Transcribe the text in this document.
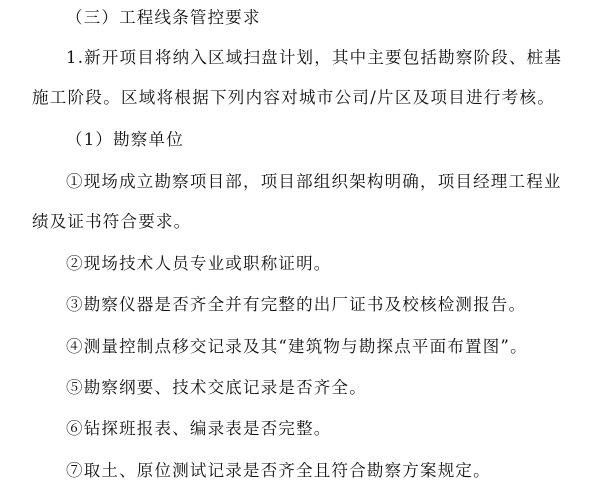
（三）工程线条管控要求
1.新开项目将纳入区域扫盘计划，其中主要包括勘察阶段、桩基
施工阶段。区域将根据下列内容对城市公司/片区及项目进行考核。
（1）勘察单位
①现场成立勘察项目部，项目部组织架构明确，项目经理工程业
绩及证书符合要求。
②现场技术人员专业或职称证明。
③勘察仪器是否齐全并有完整的出厂证书及校核检测报告。
④测量控制点移交记录及其“建筑物与勘探点平面布置图”。
⑤勘察纲要、技术交底记录是否齐全。
⑥钻探班报表、编录表是否完整。
⑦取土、原位测试记录是否齐全且符合勘察方案规定。
